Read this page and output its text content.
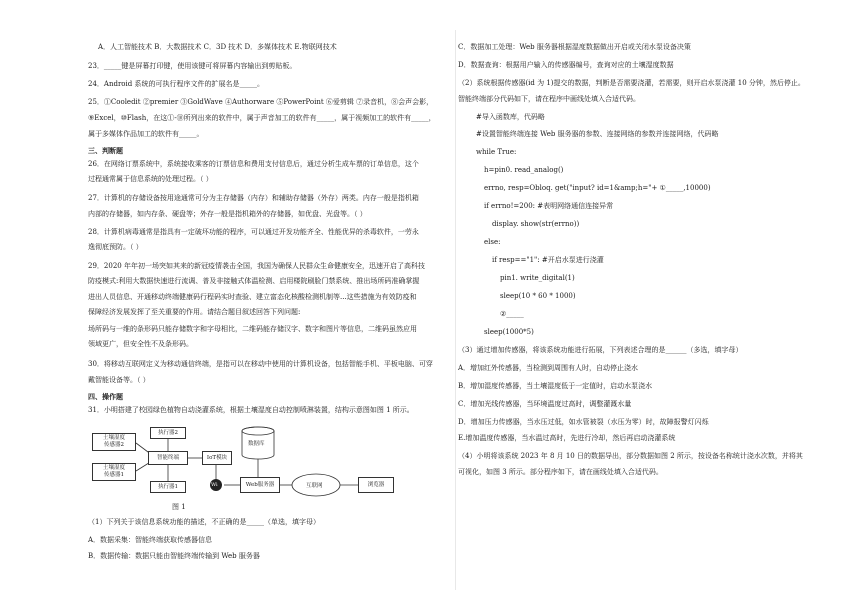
A．人工智能技术 B．大数据技术 C．3D 技术 D．多媒体技术 E.物联网技术
23．_____键是屏幕打印键，使用该键可将屏幕内容输出到剪贴板。
24．Android 系统的可执行程序文件的扩展名是_____。
25．①Cooledit ②premier ③GoldWave ④Authorware ⑤PowerPoint ⑥爱剪辑 ⑦录音机，⑧会声会影，
⑨Excel，⑩Flash，在这①-⑩所列出来的软件中，属于声音加工的软件有_____，属于视频加工的软件有_____，
属于多媒体作品加工的软件有_____。
三、判断题
26．在网络订票系统中，系统接收乘客的订票信息和费用支付信息后，通过分析生成车票的订单信息，这个
过程通常属于信息系统的处理过程。（ ）
27．计算机的存储设备按用途通常可分为主存储器（内存）和辅助存储器（外存）两类。内存一般是指机箱
内部的存储器，如内存条、硬盘等；外存一般是指机箱外的存储器，如优盘、光盘等。（ ）
28．计算机病毒通常是指具有一定破坏功能的程序，可以通过开发功能齐全、性能优异的杀毒软件，一劳永
逸彻底预防。（ ）
29．2020 年年初一场突如其来的新冠疫情袭击全国，我国为确保人民群众生命健康安全，迅速开启了高科技
防疫模式:利用大数据快速进行流调、普及非接触式体温检测、启用楼院刷脸门禁系统、推出场所码准确掌握
进出人员信息、开通移动终端健康码行程码实时查验、建立富态化核酸检测机制等...这些措施为有效防疫和
保障经济发展发挥了至关重要的作用。请结合题目叙述回答下列问题:
场所码与一维的条形码只能存储数字和字母相比，二维码能存储汉字、数字和图片等信息，二维码虽然应用
领域更广，但安全性不及条形码。
30．将移动互联网定义为移动通信终端，是指可以在移动中使用的计算机设备，包括智能手机、平板电脑、可穿
戴智能设备等。（ ）
四、操作题
31．小明搭建了校园绿色植物自动浇灌系统，根据土壤湿度自动控制喷淋装置，结构示意图如图 1 所示。
（1）下列关于该信息系统功能的描述，不正确的是_____（单选，填字母）
A．数据采集：智能终端获取传感器信息
B．数据传输：数据只能由智能终端传输到 Web 服务器
土壤湿度
传感器2
土壤湿度
传感器1
执行器2
智能终端
执行器1
IoT模块
Web服务器	浏览器
数据库
互联网
Wi
图 1
C．数据加工处理：Web 服务器根据湿度数据做出开启或关闭水泵设备决策
D．数据查询：根据用户输入的传感器编号，查询对应的土壤湿度数据
（2）系统根据传感器(id 为 1)提交的数据，判断是否需要浇灌，若需要，则开启水泵浇灌 10 分钟，然后停止。
智能终端部分代码如下，请在程序中画线处填入合适代码。
#导入函数库，代码略
#设置智能终端连接 Web 服务器的参数、连接网络的参数并连接网络，代码略
while True:
h=pin0. read_analog()
errno, resp=Obloq. get("input? id=1&amp;h="+ ①_____,10000)
if errno!=200: #表明网络通信连接异常
display. show(str(errno))
else:
if resp=="1": #开启水泵进行浇灌
pin1. write_digital(1)
sleep(10 * 60 * 1000)
②_____
sleep(1000*5)
（3）通过增加传感器，将该系统功能进行拓展，下列表述合理的是______（多选，填字母）
A．增加红外传感器，当检测到周围有人时，自动停止浇水
B．增加湿度传感器，当土壤湿度低于一定值时，启动水泵浇水
C．增加光线传感器，当环境温度过高时，调整灌溉水量
D．增加压力传感器，当水压过低，如水管被裂（水压为零）时，故障报警灯闪烁
E.增加温度传感器，当水温过高时，先进行冷却，然后再启动浇灌系统
（4）小明将该系统 2023 年 8 月 10 日的数据导出，部分数据如图 2 所示，按设备名称统计浇水次数，并将其
可视化，如图 3 所示。部分程序如下，请在画线处填入合适代码。
